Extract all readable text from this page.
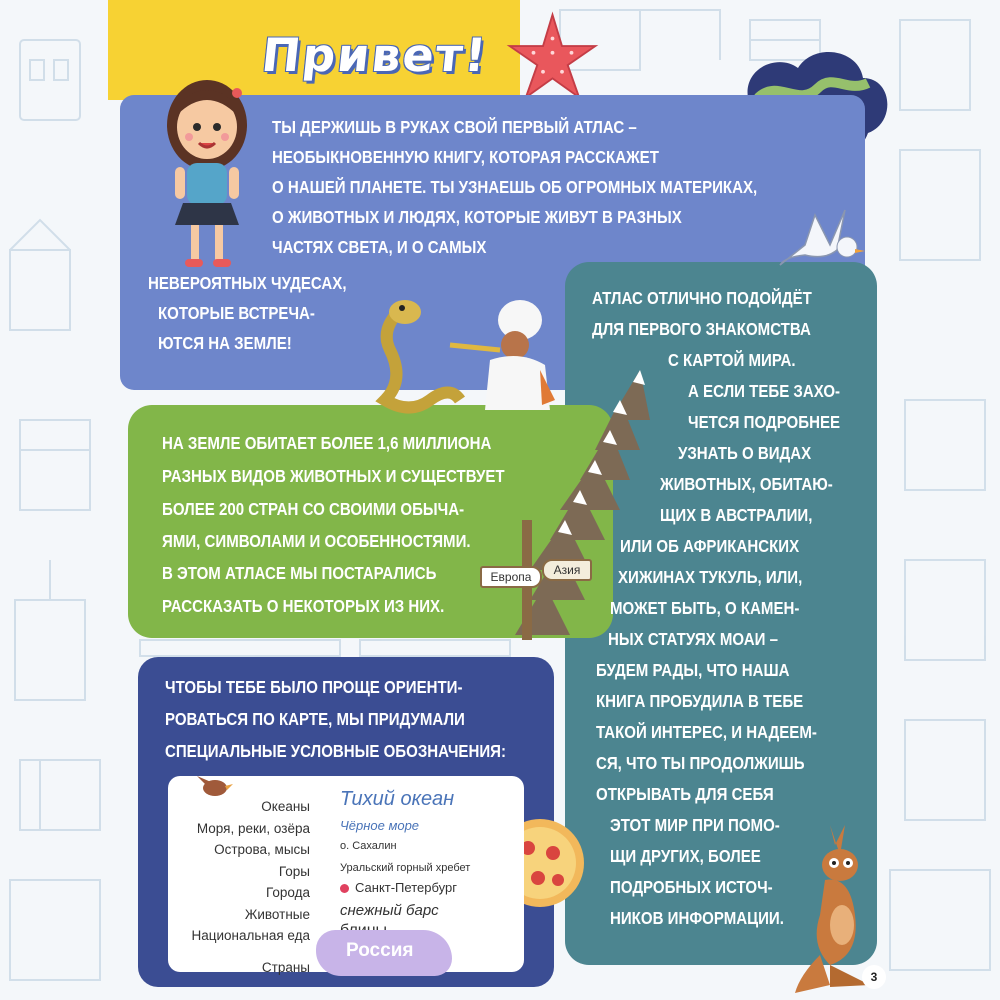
Привет!
Европа	Азия
ТЫ ДЕРЖИШЬ В РУКАХ СВОЙ ПЕРВЫЙ АТЛАС –
НЕОБЫКНОВЕННУЮ КНИГУ, КОТОРАЯ РАССКАЖЕТ
О НАШЕЙ ПЛАНЕТЕ. ТЫ УЗНАЕШЬ ОБ ОГРОМНЫХ МАТЕРИКАХ,
О ЖИВОТНЫХ И ЛЮДЯХ, КОТОРЫЕ ЖИВУТ В РАЗНЫХ
ЧАСТЯХ СВЕТА, И О САМЫХ
НЕВЕРОЯТНЫХ ЧУДЕСАХ,
КОТОРЫЕ ВСТРЕЧА-
ЮТСЯ НА ЗЕМЛЕ!
НА ЗЕМЛЕ ОБИТАЕТ БОЛЕЕ 1,6 МИЛЛИОНА
РАЗНЫХ ВИДОВ ЖИВОТНЫХ И СУЩЕСТВУЕТ
БОЛЕЕ 200 СТРАН СО СВОИМИ ОБЫЧА-
ЯМИ, СИМВОЛАМИ И ОСОБЕННОСТЯМИ.
В ЭТОМ АТЛАСЕ МЫ ПОСТАРАЛИСЬ
РАССКАЗАТЬ О НЕКОТОРЫХ ИЗ НИХ.
ЧТОБЫ ТЕБЕ БЫЛО ПРОЩЕ ОРИЕНТИ-
РОВАТЬСЯ ПО КАРТЕ, МЫ ПРИДУМАЛИ
СПЕЦИАЛЬНЫЕ УСЛОВНЫЕ ОБОЗНАЧЕНИЯ:
АТЛАС ОТЛИЧНО ПОДОЙДЁТ
ДЛЯ ПЕРВОГО ЗНАКОМСТВА
С КАРТОЙ МИРА.
А ЕСЛИ ТЕБЕ ЗАХО-
ЧЕТСЯ ПОДРОБНЕЕ
УЗНАТЬ О ВИДАХ
ЖИВОТНЫХ, ОБИТАЮ-
ЩИХ В АВСТРАЛИИ,
ИЛИ ОБ АФРИКАНСКИХ
ХИЖИНАХ ТУКУЛЬ, ИЛИ,
МОЖЕТ БЫТЬ, О КАМЕН-
НЫХ СТАТУЯХ МОАИ –
БУДЕМ РАДЫ, ЧТО НАША
КНИГА ПРОБУДИЛА В ТЕБЕ
ТАКОЙ ИНТЕРЕС, И НАДЕЕМ-
СЯ, ЧТО ТЫ ПРОДОЛЖИШЬ
ОТКРЫВАТЬ ДЛЯ СЕБЯ
ЭТОТ МИР ПРИ ПОМО-
ЩИ ДРУГИХ, БОЛЕЕ
ПОДРОБНЫХ ИСТОЧ-
НИКОВ ИНФОРМАЦИИ.
Океаны
Моря, реки, озёра
Острова, мысы
Горы
Города
Животные
Национальная еда
Страны
Тихий океан
Чёрное море
о. Сахалин
Уральский горный хребет
Санкт-Петербург
снежный барс
Россия
3
